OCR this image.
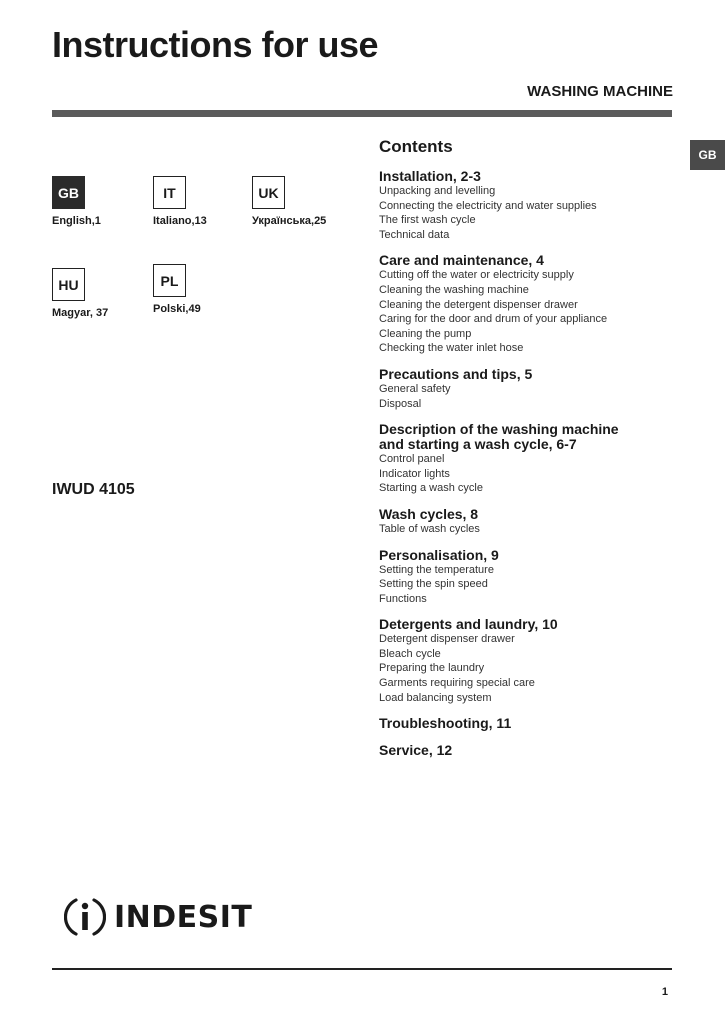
Instructions for use
WASHING MACHINE
GB
GB
English,1
IT
Italiano,13
UK
Українська,25
HU
Magyar, 37
PL
Polski,49
IWUD 4105
Contents
Installation, 2-3
Unpacking and levelling
Connecting the electricity and water supplies
The first wash cycle
Technical data
Care and maintenance, 4
Cutting off the water or electricity supply
Cleaning the washing machine
Cleaning the detergent dispenser drawer
Caring for the door and drum of your appliance
Cleaning the pump
Checking the water inlet hose
Precautions and tips, 5
General safety
Disposal
Description of the washing machine
and starting a wash cycle, 6-7
Control panel
Indicator lights
Starting a wash cycle
Wash cycles, 8
Table of wash cycles
Personalisation, 9
Setting the temperature
Setting the spin speed
Functions
Detergents and laundry, 10
Detergent dispenser drawer
Bleach cycle
Preparing the laundry
Garments requiring special care
Load balancing system
Troubleshooting, 11
Service, 12
INDESIT
1
